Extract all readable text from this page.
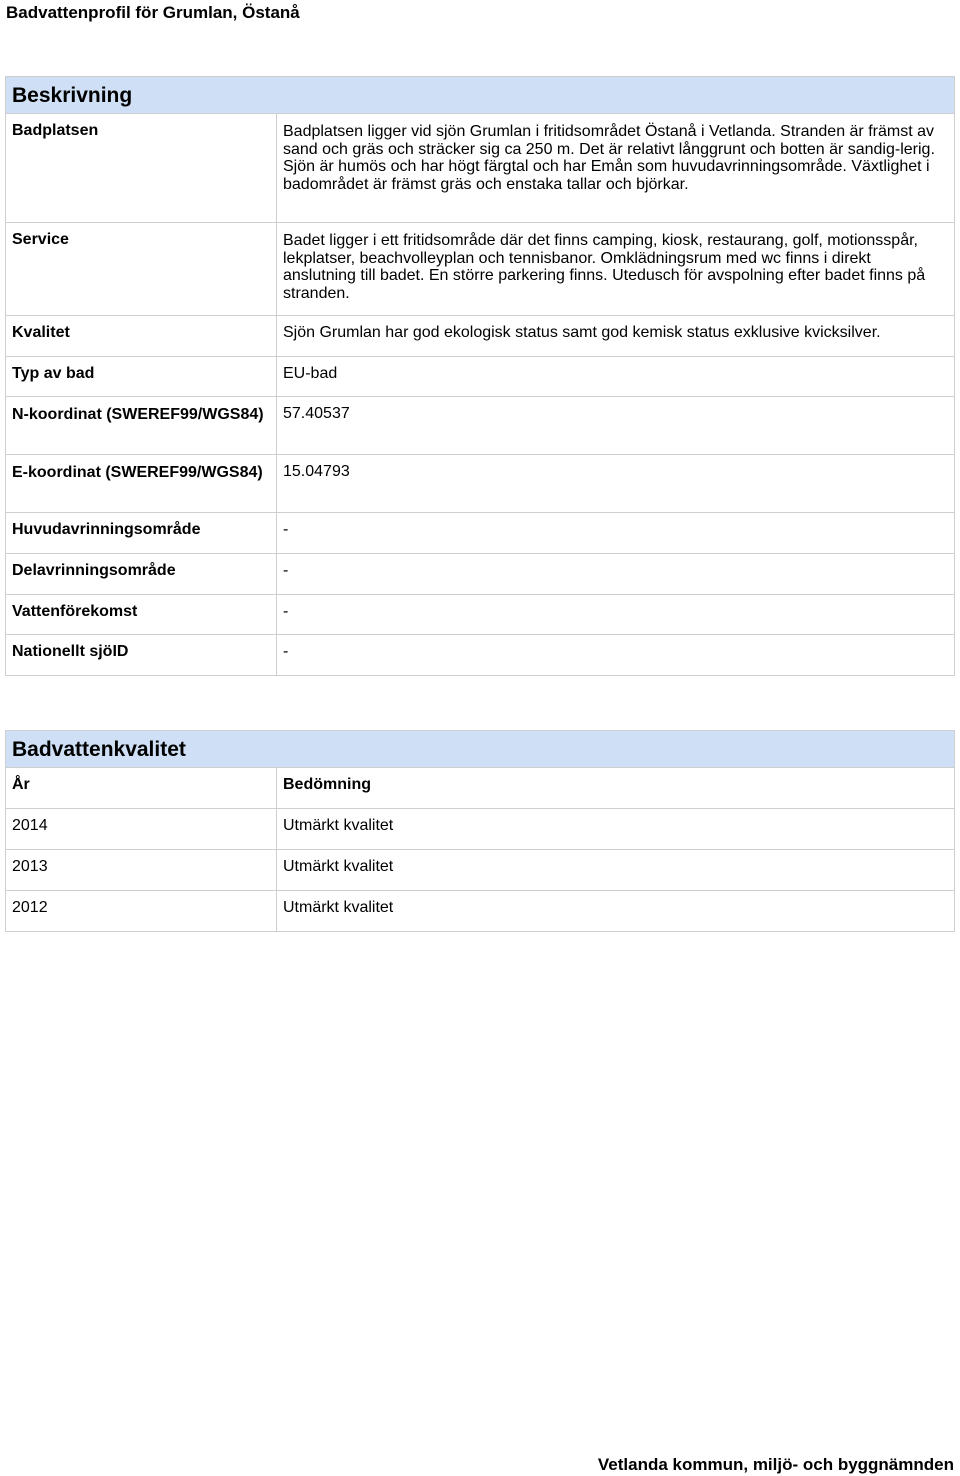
Badvattenprofil för Grumlan, Östanå
Beskrivning	
Badplatsen	Badplatsen ligger vid sjön Grumlan i fritidsområdet Östanå i Vetlanda. Stranden är främst av sand och gräs och sträcker sig ca 250 m. Det är relativt långgrunt och botten är sandig-lerig. Sjön är humös och har högt färgtal och har Emån som huvudavrinningsområde. Växtlighet i badområdet är främst gräs och enstaka tallar och björkar.
Service	Badet ligger i ett fritidsområde där det finns camping, kiosk, restaurang, golf, motionsspår, lekplatser, beachvolleyplan och tennisbanor. Omklädningsrum med wc finns i direkt anslutning till badet. En större parkering finns. Utedusch för avspolning efter badet finns på stranden.
Kvalitet	Sjön Grumlan har god ekologisk status samt god kemisk status exklusive kvicksilver.
Typ av bad	EU-bad
N-koordinat (SWEREF99/WGS84)	57.40537
E-koordinat (SWEREF99/WGS84)	15.04793
Huvudavrinningsområde	-
Delavrinningsområde	-
Vattenförekomst	-
Nationellt sjöID	-
Badvattenkvalitet	
År	Bedömning
2014	Utmärkt kvalitet
2013	Utmärkt kvalitet
2012	Utmärkt kvalitet
Vetlanda kommun, miljö- och byggnämnden
